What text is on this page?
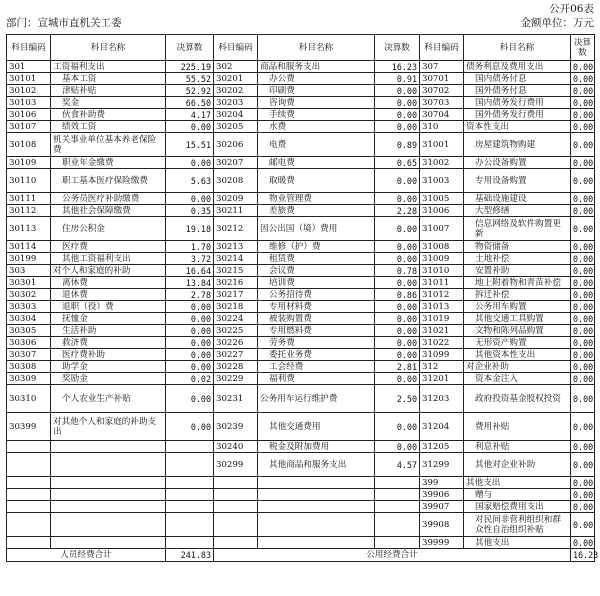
公开06表
金额单位：万元
部门：宣城市直机关工委
科目编码	科目名称	决算数	科目编码	科目名称	决算数	科目编码	科目名称	决算数
301	工资福利支出	225.19	302	商品和服务支出	16.23	307	债务利息及费用支出	0.00
30101	基本工资	55.52	30201	办公费	0.91	30701	国内债务付息	0.00
30102	津贴补贴	52.92	30202	印刷费	0.00	30702	国外债务付息	0.00
30103	奖金	66.50	30203	咨询费	0.00	30703	国内债务发行费用	0.00
30106	伙食补助费	4.17	30204	手续费	0.00	30704	国外债务发行费用	0.00
30107	绩效工资	0.00	30205	水费	0.00	310	资本性支出	0.00
30108	机关事业单位基本养老保险费	15.51	30206	电费	0.89	31001	房屋建筑物购建	0.00
30109	职业年金缴费	0.00	30207	邮电费	0.65	31002	办公设备购置	0.00
30110	职工基本医疗保险缴费	5.63	30208	取暖费	0.00	31003	专用设备购置	0.00
30111	公务员医疗补助缴费	0.00	30209	物业管理费	0.00	31005	基础设施建设	0.00
30112	其他社会保障缴费	0.35	30211	差旅费	2.28	31006	大型修缮	0.00
30113	住房公积金	19.18	30212	因公出国（境）费用	0.00	31007	信息网络及软件购置更新	0.00
30114	医疗费	1.70	30213	维修（护）费	0.00	31008	物资储备	0.00
30199	其他工资福利支出	3.72	30214	租赁费	0.00	31009	土地补偿	0.00
303	对个人和家庭的补助	16.64	30215	会议费	0.78	31010	安置补助	0.00
30301	离休费	13.84	30216	培训费	0.00	31011	地上附着物和青苗补偿	0.00
30302	退休费	2.78	30217	公务招待费	0.86	31012	拆迁补偿	0.00
30303	退职（役）费	0.00	30218	专用材料费	0.00	31013	公务用车购置	0.00
30304	抚恤金	0.00	30224	被装购置费	0.00	31019	其他交通工具购置	0.00
30305	生活补助	0.00	30225	专用燃料费	0.00	31021	文物和陈列品购置	0.00
30306	救济费	0.00	30226	劳务费	0.00	31022	无形资产购置	0.00
30307	医疗费补助	0.00	30227	委托业务费	0.00	31099	其他资本性支出	0.00
30308	助学金	0.00	30228	工会经费	2.81	312	对企业补助	0.00
30309	奖励金	0.02	30229	福利费	0.00	31201	资本金注入	0.00
30310	个人农业生产补贴	0.00	30231	公务用车运行维护费	2.50	31203	政府投资基金股权投资	0.00
30399	对其他个人和家庭的补助支出	0.00	30239	其他交通费用	0.00	31204	费用补贴	0.00
			30240	税金及附加费用	0.00	31205	利息补贴	0.00
			30299	其他商品和服务支出	4.57	31299	其他对企业补助	0.00
						399	其他支出	0.00
						39906	赠与	0.00
						39907	国家赔偿费用支出	0.00
						39908	对民间非营利组织和群众性自治组织补贴	0.00
						39999	其他支出	0.00
人员经费合计		241.83	公用经费合计					16.23
